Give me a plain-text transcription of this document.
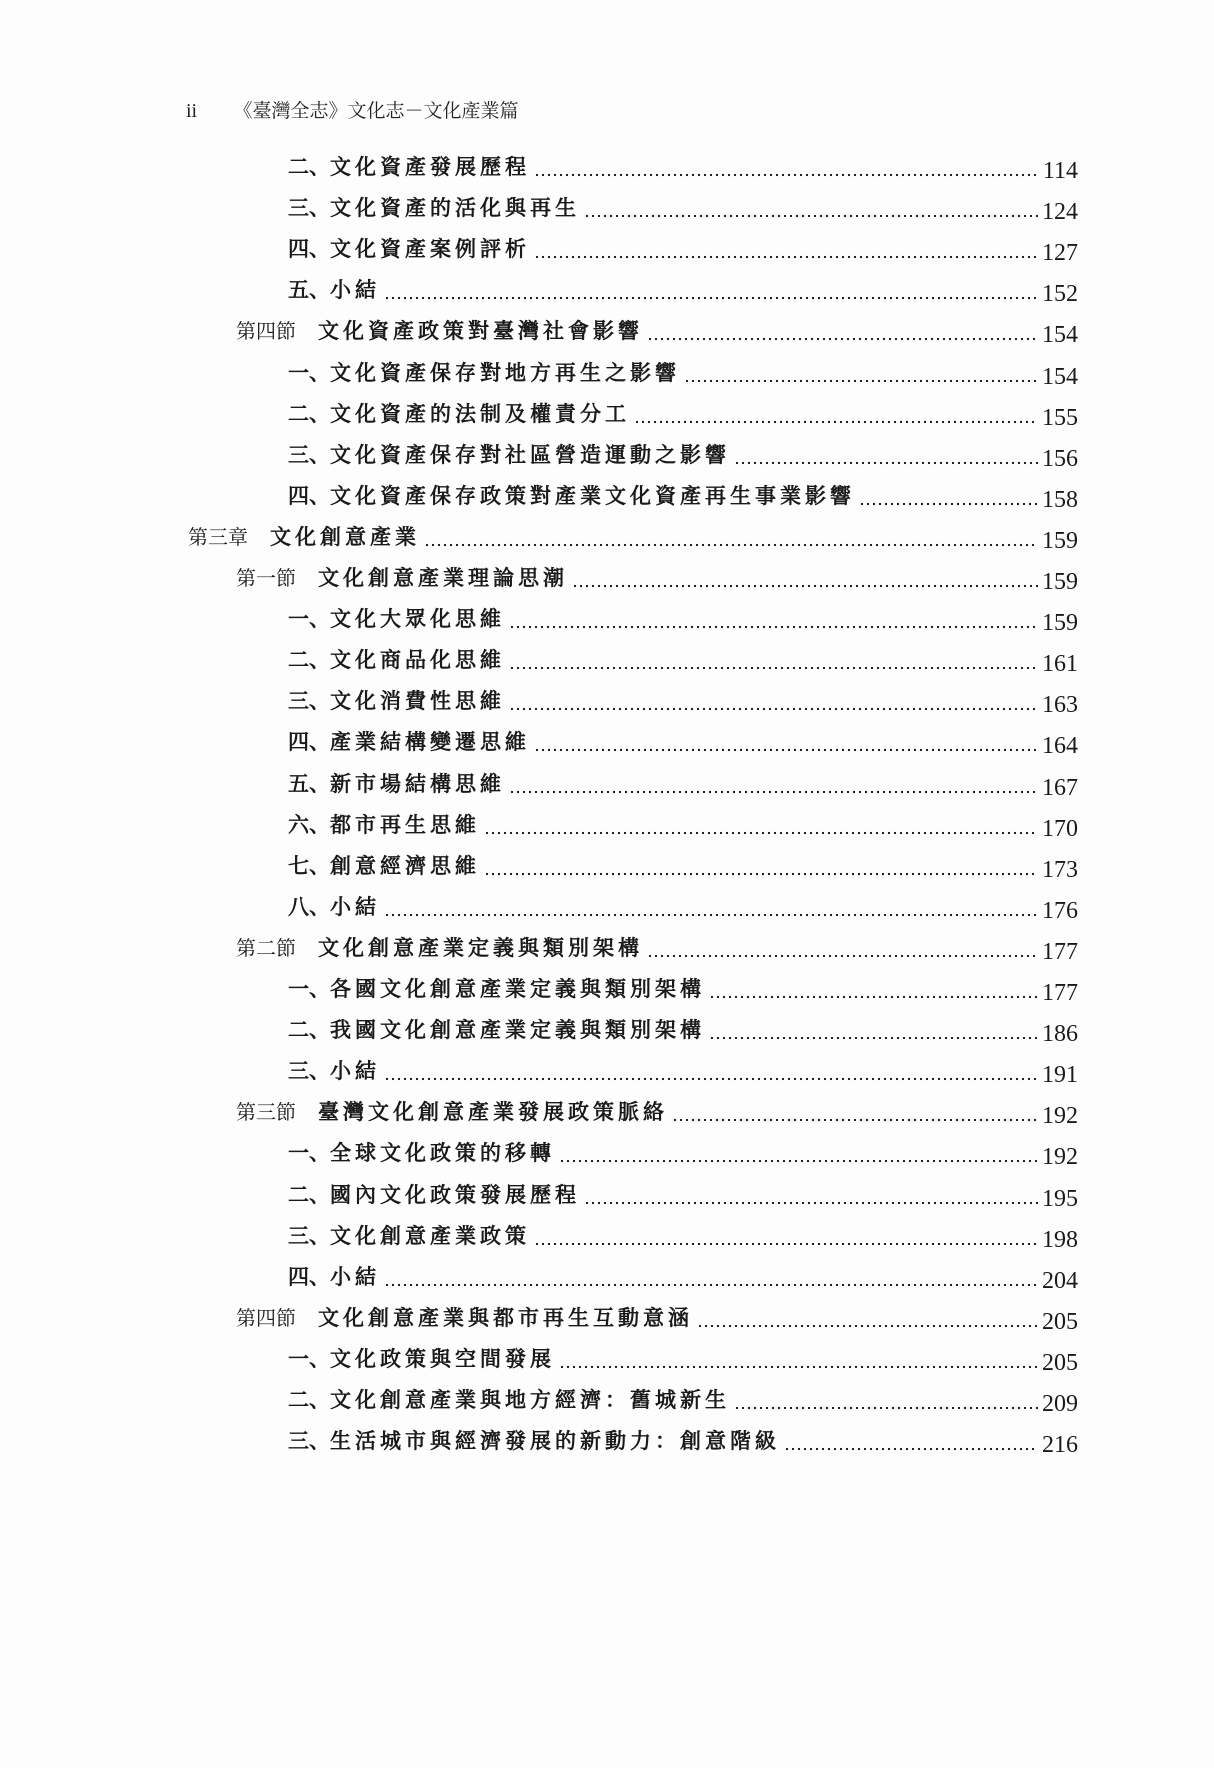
ii 《臺灣全志》文化志－文化產業篇
二、文化資產發展歷程	114
三、文化資產的活化與再生	124
四、文化資產案例評析	127
五、小結	152
第四節 文化資產政策對臺灣社會影響	154
一、文化資產保存對地方再生之影響	154
二、文化資產的法制及權責分工	155
三、文化資產保存對社區營造運動之影響	156
四、文化資產保存政策對產業文化資產再生事業影響	158
第三章 文化創意產業	159
第一節 文化創意產業理論思潮	159
一、文化大眾化思維	159
二、文化商品化思維	161
三、文化消費性思維	163
四、產業結構變遷思維	164
五、新市場結構思維	167
六、都市再生思維	170
七、創意經濟思維	173
八、小結	176
第二節 文化創意產業定義與類別架構	177
一、各國文化創意產業定義與類別架構	177
二、我國文化創意產業定義與類別架構	186
三、小結	191
第三節 臺灣文化創意產業發展政策脈絡	192
一、全球文化政策的移轉	192
二、國內文化政策發展歷程	195
三、文化創意產業政策	198
四、小結	204
第四節 文化創意產業與都市再生互動意涵	205
一、文化政策與空間發展	205
二、文化創意產業與地方經濟：舊城新生	209
三、生活城市與經濟發展的新動力：創意階級	216
